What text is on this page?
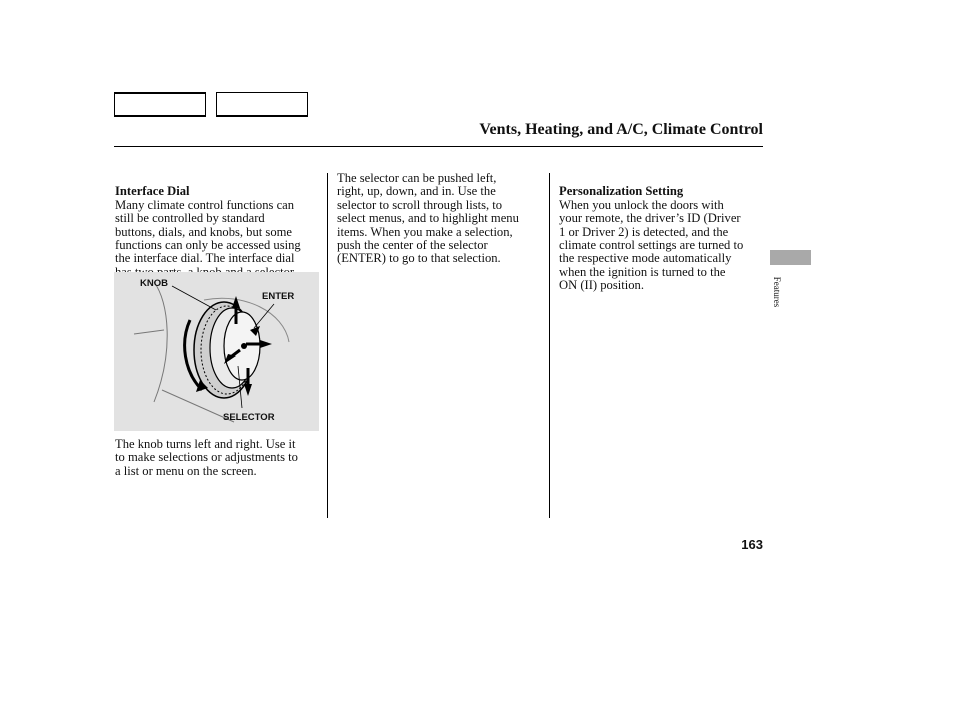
Vents, Heating, and A/C, Climate Control

Interface Dial
Many climate control functions can
still be controlled by standard
buttons, dials, and knobs, but some
functions can only be accessed using
the interface dial. The interface dial

KNOB
ENTER
SELECTOR
The knob turns left and right. Use it
to make selections or adjustments to
a list or menu on the screen.
The selector can be pushed left,
right, up, down, and in. Use the
selector to scroll through lists, to
select menus, and to highlight menu
items. When you make a selection,
push the center of the selector
(ENTER) to go to that selection.

Personalization Setting
When you unlock the doors with
your remote, the driver’s ID (Driver
1 or Driver 2) is detected, and the
climate control settings are turned to
the respective mode automatically
when the ignition is turned to the
ON (II) position.	Features
163
